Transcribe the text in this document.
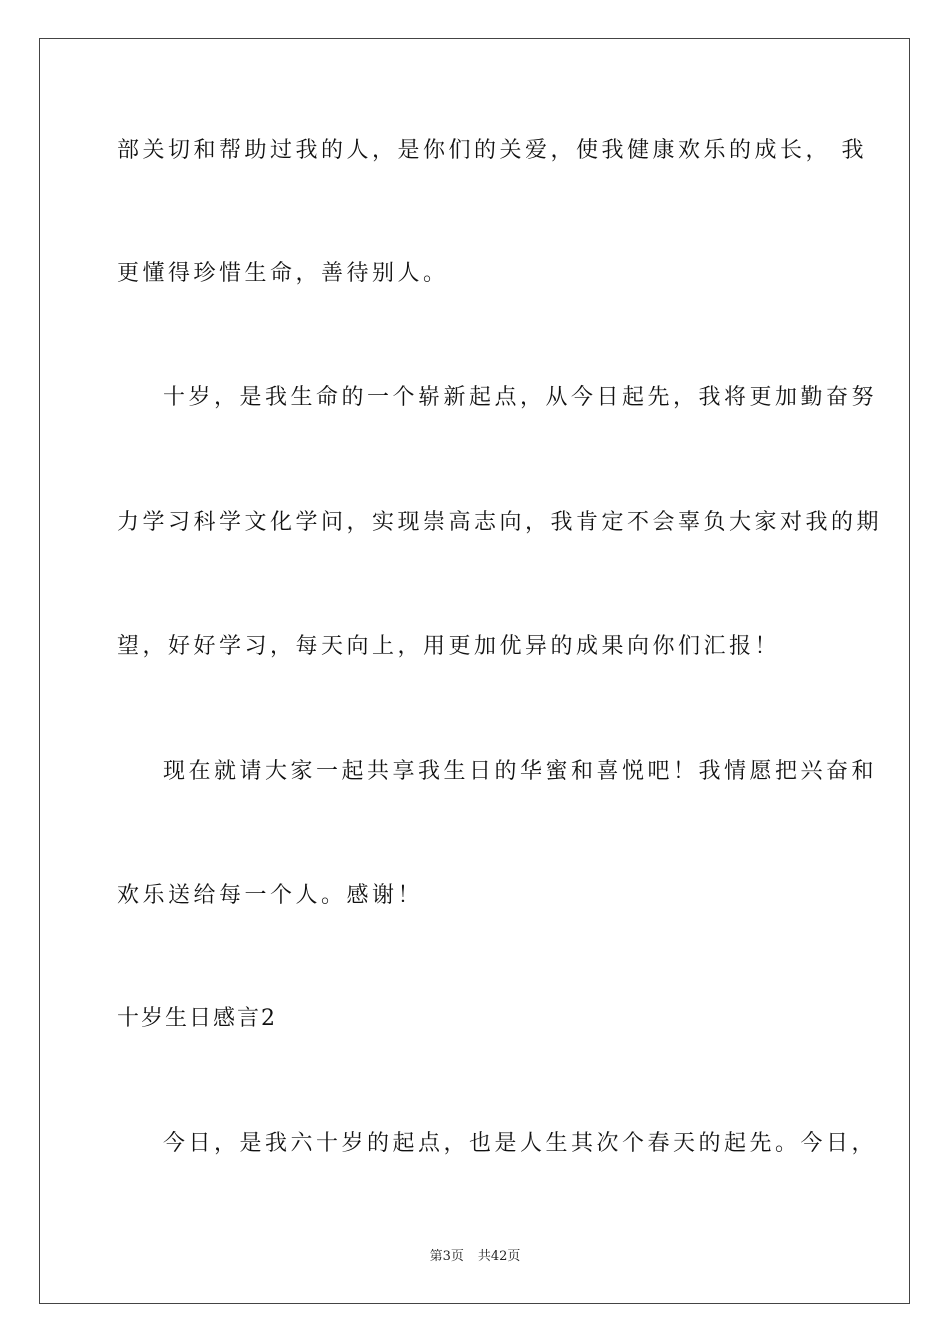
部关切和帮助过我的人，是你们的关爱，使我健康欢乐的成长， 我
更懂得珍惜生命，善待别人。
十岁，是我生命的一个崭新起点，从今日起先，我将更加勤奋努
力学习科学文化学问，实现崇高志向，我肯定不会辜负大家对我的期
望，好好学习，每天向上，用更加优异的成果向你们汇报！
现在就请大家一起共享我生日的华蜜和喜悦吧！我情愿把兴奋和
欢乐送给每一个人。感谢！
十岁生日感言2
今日，是我六十岁的起点，也是人生其次个春天的起先。今日，
第3页 共42页
